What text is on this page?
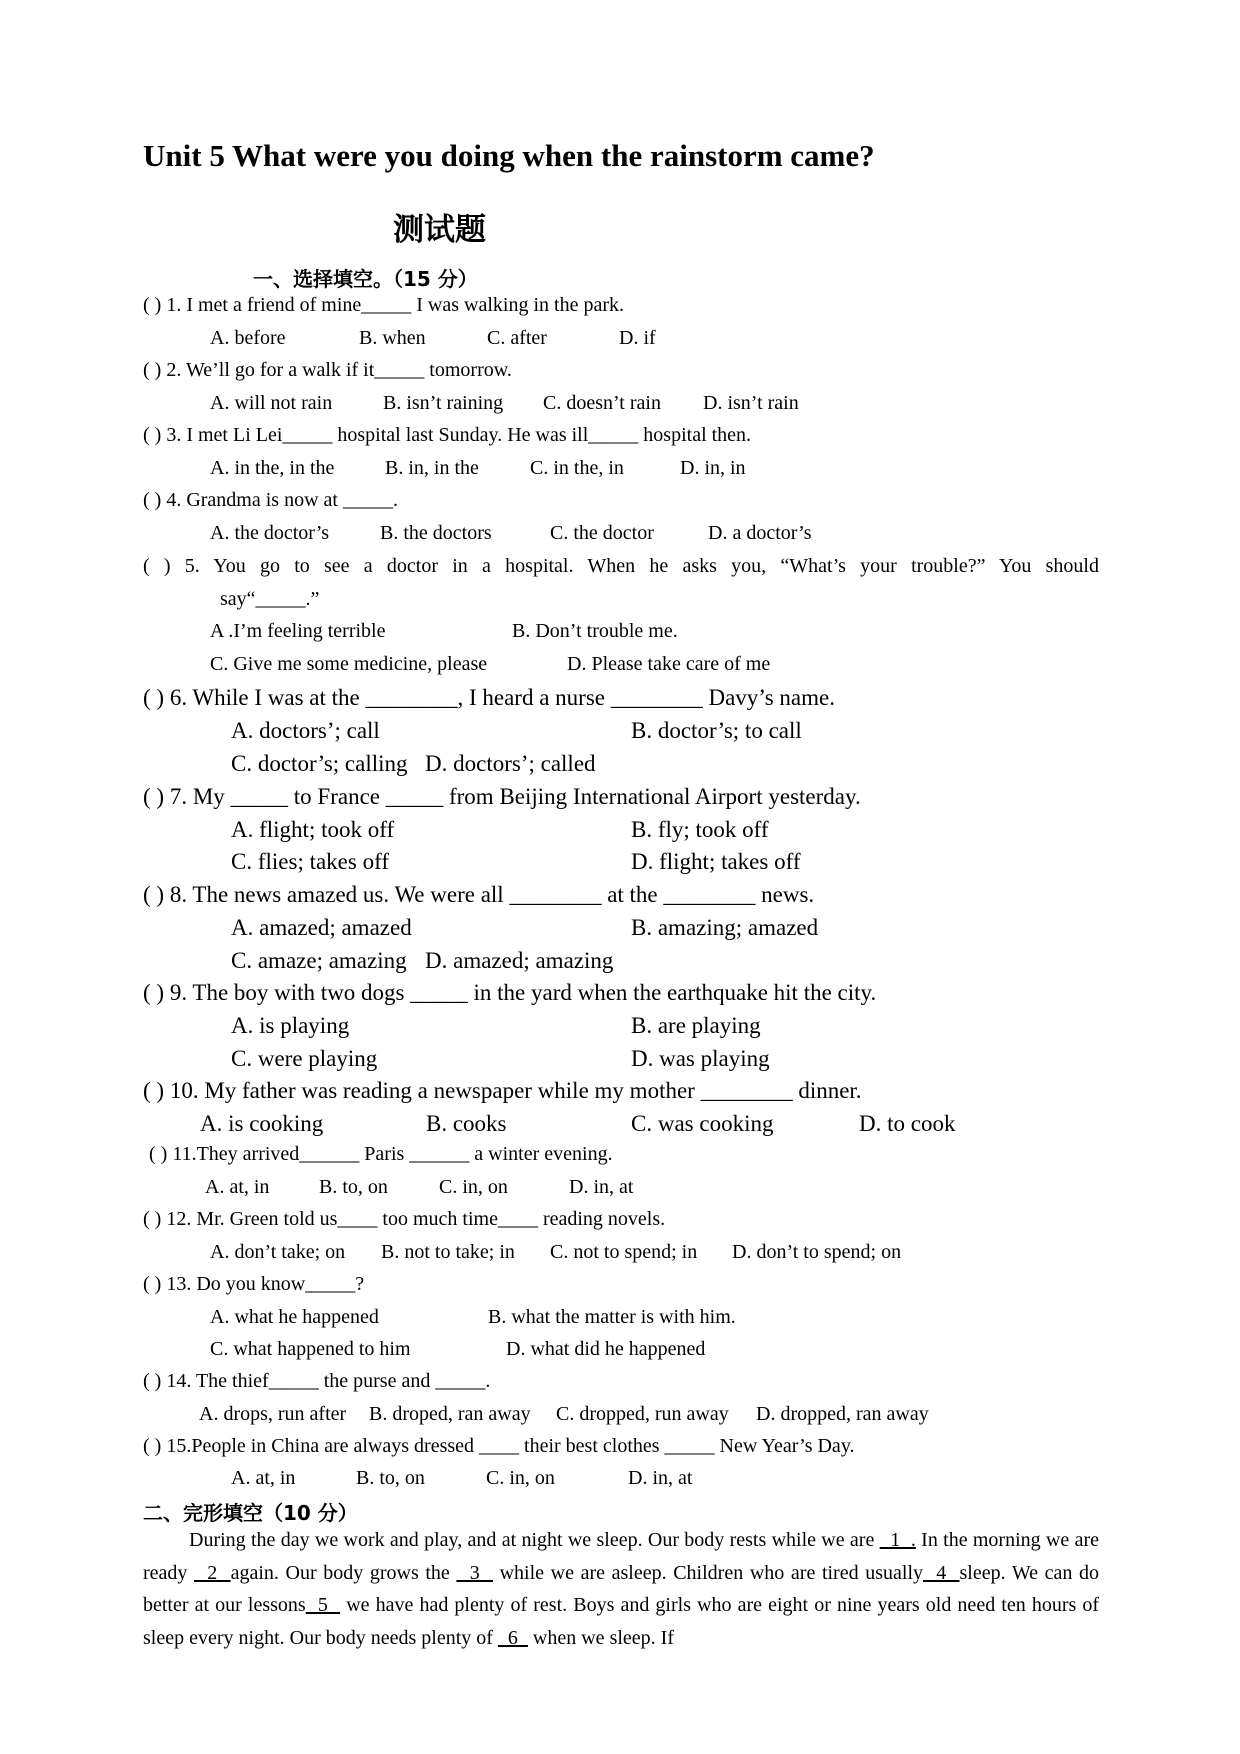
Unit 5 What were you doing when the rainstorm came?
测试题
一、选择填空。（15 分）
( ) 1. I met a friend of mine_____ I was walking in the park.
A. before	B. when	C. after	D. if
( ) 2. We’ll go for a walk if it_____ tomorrow.
A. will not rain	B. isn’t raining C. doesn’t rain D. isn’t rain
( ) 3. I met Li Lei_____ hospital last Sunday. He was ill_____ hospital then.
A. in the, in the	B. in, in the	C. in the, in	D. in, in
( ) 4. Grandma is now at _____.
A. the doctor’s	B. the doctors	C. the doctor	D. a doctor’s
( ) 5. You go to see a doctor in a hospital. When he asks you, “What’s your trouble?” You should
say“_____.”
A .I’m feeling terrible	B. Don’t trouble me.
C. Give me some medicine, please	D. Please take care of me
( ) 6. While I was at the ________, I heard a nurse ________ Davy’s name.
A. doctors’; call	B. doctor’s; to call
C. doctor’s; calling D. doctors’; called
( ) 7. My _____ to France _____ from Beijing International Airport yesterday.
A. flight; took off	B. fly; took off
C. flies; takes off	D. flight; takes off
( ) 8. The news amazed us. We were all ________ at the ________ news.
A. amazed; amazed	B. amazing; amazed
C. amaze; amazing D. amazed; amazing
( ) 9. The boy with two dogs _____ in the yard when the earthquake hit the city.
A. is playing	B. are playing
C. were playing	D. was playing
( ) 10. My father was reading a newspaper while my mother ________ dinner.
A. is cooking	B. cooks	C. was cooking	D. to cook
( ) 11.They arrived______ Paris ______ a winter evening.
A. at, in B. to, on	C. in, on	D. in, at
( ) 12. Mr. Green told us____ too much time____ reading novels.
A. don’t take; on B. not to take; in C. not to spend; in D. don’t to spend; on
( ) 13. Do you know_____?
A. what he happened	B. what the matter is with him.
C. what happened to him	D. what did he happened
( ) 14. The thief_____ the purse and _____.
A. drops, run after B. droped, ran away C. dropped, run away D. dropped, ran away
( ) 15.People in China are always dressed ____ their best clothes _____ New Year’s Day.
A. at, in	B. to, on	C. in, on	D. in, at
二、完形填空（10 分）
During the day we work and play, and at night we sleep. Our body rests while we are   1  . In the morning we are ready   2  again. Our body grows the   3   while we are asleep. Children who are tired usually  4  sleep. We can do better at our lessons  5   we have had plenty of rest. Boys and girls who are eight or nine years old need ten hours of sleep every night. Our body needs plenty of   6   when we sleep. If
